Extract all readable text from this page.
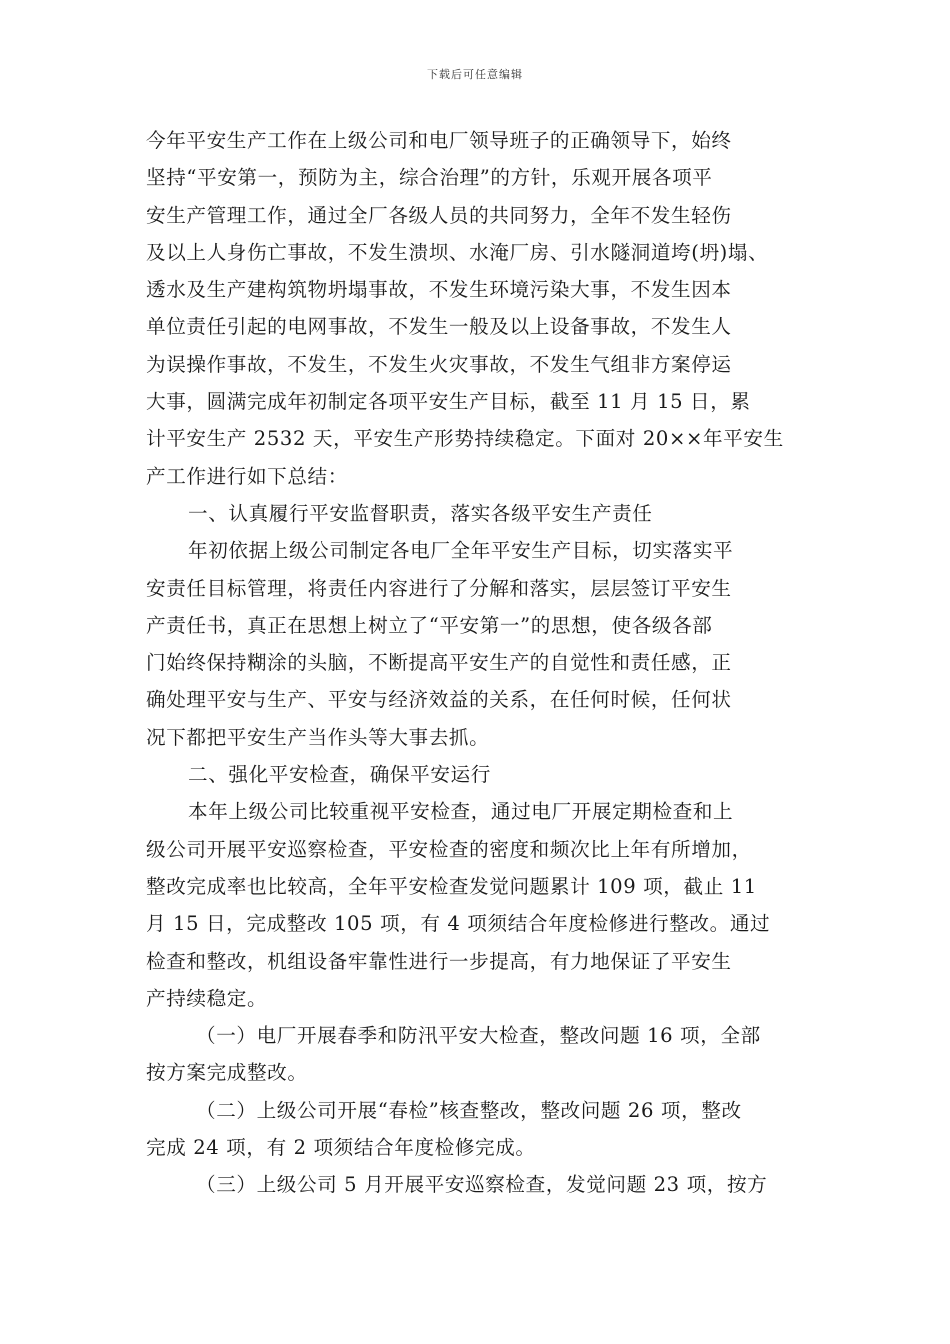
下载后可任意编辑
今年平安生产工作在上级公司和电厂领导班子的正确领导下，始终
坚持“平安第一，预防为主，综合治理”的方针，乐观开展各项平
安生产管理工作，通过全厂各级人员的共同努力，全年不发生轻伤
及以上人身伤亡事故，不发生溃坝、水淹厂房、引水隧洞道垮(坍)塌、
透水及生产建构筑物坍塌事故，不发生环境污染大事，不发生因本
单位责任引起的电网事故，不发生一般及以上设备事故，不发生人
为误操作事故，不发生，不发生火灾事故，不发生气组非方案停运
大事，圆满完成年初制定各项平安生产目标，截至 11 月 15 日，累
计平安生产 2532 天，平安生产形势持续稳定。下面对 20××年平安生
产工作进行如下总结：
一、认真履行平安监督职责，落实各级平安生产责任
年初依据上级公司制定各电厂全年平安生产目标，切实落实平
安责任目标管理，将责任内容进行了分解和落实，层层签订平安生
产责任书，真正在思想上树立了“平安第一”的思想，使各级各部
门始终保持糊涂的头脑，不断提高平安生产的自觉性和责任感，正
确处理平安与生产、平安与经济效益的关系，在任何时候，任何状
况下都把平安生产当作头等大事去抓。
二、强化平安检查，确保平安运行
本年上级公司比较重视平安检查，通过电厂开展定期检查和上
级公司开展平安巡察检查，平安检查的密度和频次比上年有所增加，
整改完成率也比较高，全年平安检查发觉问题累计 109 项，截止 11
月 15 日，完成整改 105 项，有 4 项须结合年度检修进行整改。通过
检查和整改，机组设备牢靠性进行一步提高，有力地保证了平安生
产持续稳定。
（一）电厂开展春季和防汛平安大检查，整改问题 16 项，全部
按方案完成整改。
（二）上级公司开展“春检”核查整改，整改问题 26 项，整改
完成 24 项，有 2 项须结合年度检修完成。
（三）上级公司 5 月开展平安巡察检查，发觉问题 23 项，按方
